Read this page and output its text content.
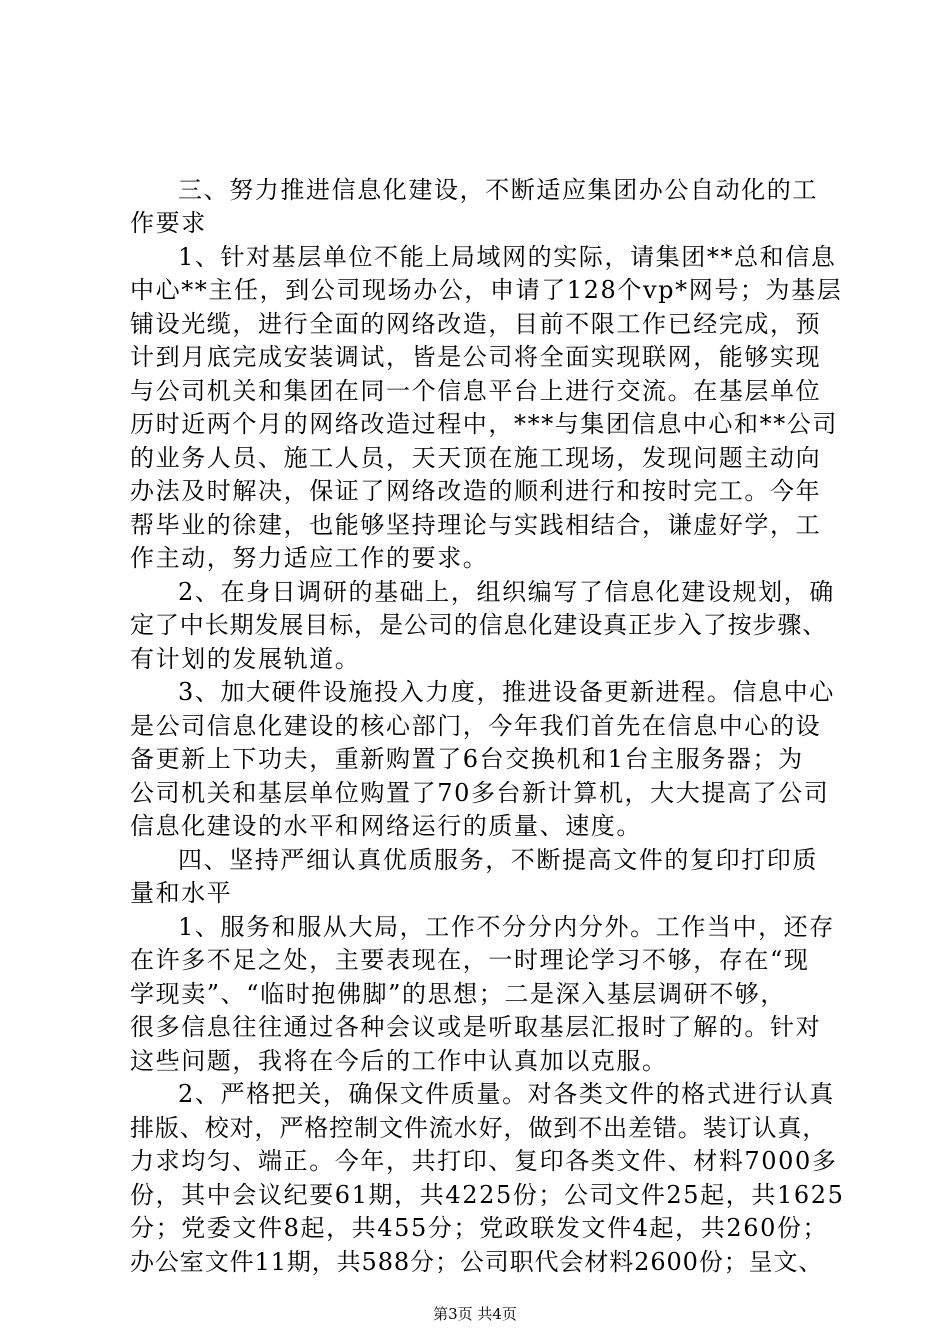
三、努力推进信息化建设，不断适应集团办公自动化的工
作要求
1、针对基层单位不能上局域网的实际，请集团**总和信息
中心**主任，到公司现场办公，申请了128个vp*网号；为基层
铺设光缆，进行全面的网络改造，目前不限工作已经完成，预
计到月底完成安装调试，皆是公司将全面实现联网，能够实现
与公司机关和集团在同一个信息平台上进行交流。在基层单位
历时近两个月的网络改造过程中，***与集团信息中心和**公司
的业务人员、施工人员，天天顶在施工现场，发现问题主动向
办法及时解决，保证了网络改造的顺利进行和按时完工。今年
帮毕业的徐建，也能够坚持理论与实践相结合，谦虚好学，工
作主动，努力适应工作的要求。
2、在身日调研的基础上，组织编写了信息化建设规划，确
定了中长期发展目标，是公司的信息化建设真正步入了按步骤、
有计划的发展轨道。
3、加大硬件设施投入力度，推进设备更新进程。信息中心
是公司信息化建设的核心部门，今年我们首先在信息中心的设
备更新上下功夫，重新购置了6台交换机和1台主服务器；为
公司机关和基层单位购置了70多台新计算机，大大提高了公司
信息化建设的水平和网络运行的质量、速度。
四、坚持严细认真优质服务，不断提高文件的复印打印质
量和水平
1、服务和服从大局，工作不分分内分外。工作当中，还存
在许多不足之处，主要表现在，一时理论学习不够，存在“现
学现卖”、“临时抱佛脚”的思想；二是深入基层调研不够，
很多信息往往通过各种会议或是听取基层汇报时了解的。针对
这些问题，我将在今后的工作中认真加以克服。
2、严格把关，确保文件质量。对各类文件的格式进行认真
排版、校对，严格控制文件流水好，做到不出差错。装订认真，
力求均匀、端正。今年，共打印、复印各类文件、材料7000多
份，其中会议纪要61期，共4225份；公司文件25起，共1625
分；党委文件8起，共455分；党政联发文件4起，共260份；
办公室文件11期，共588分；公司职代会材料2600份；呈文、
第3页 共4页
